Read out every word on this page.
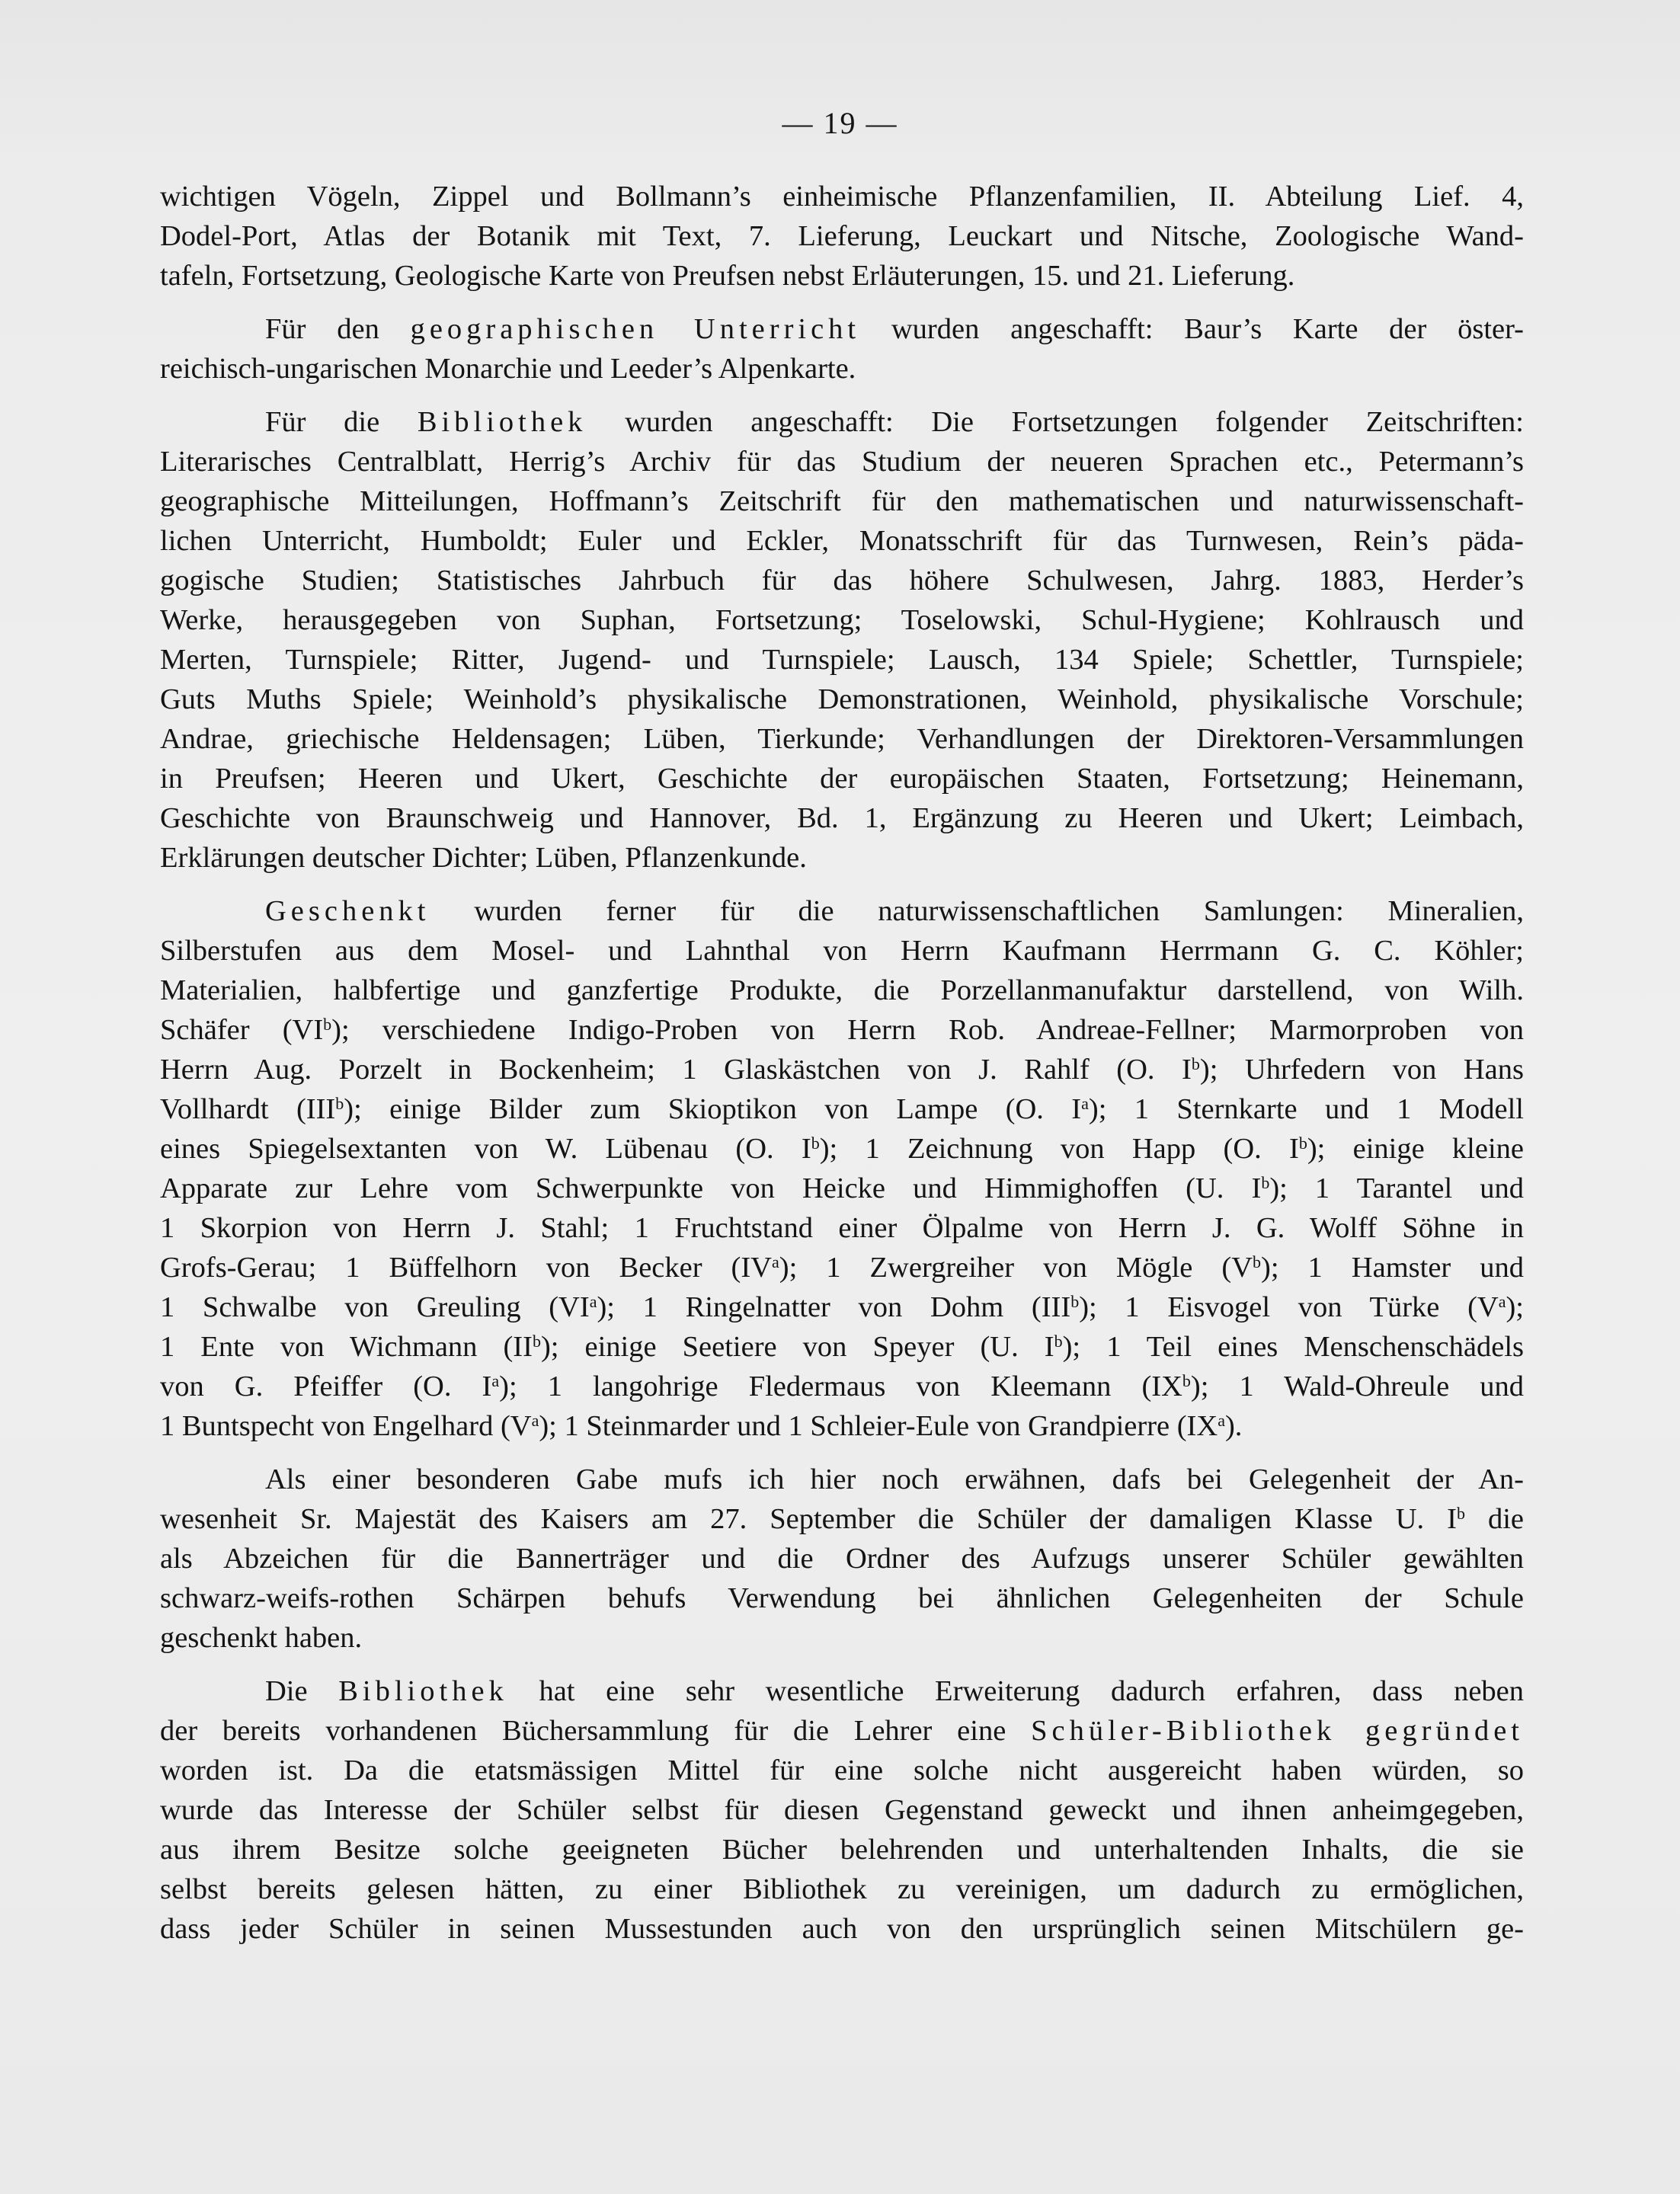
— 19 —
wichtigen Vögeln, Zippel und Bollmann’s einheimische Pflanzenfamilien, II. Abteilung Lief. 4,
Dodel-Port, Atlas der Botanik mit Text, 7. Lieferung, Leuckart und Nitsche, Zoologische Wand-
tafeln, Fortsetzung, Geologische Karte von Preufsen nebst Erläuterungen, 15. und 21. Lieferung.
Für den geographischen Unterricht wurden angeschafft: Baur’s Karte der öster-
reichisch-ungarischen Monarchie und Leeder’s Alpenkarte.
Für die Bibliothek wurden angeschafft: Die Fortsetzungen folgender Zeitschriften:
Literarisches Centralblatt, Herrig’s Archiv für das Studium der neueren Sprachen etc., Petermann’s
geographische Mitteilungen, Hoffmann’s Zeitschrift für den mathematischen und naturwissenschaft-
lichen Unterricht, Humboldt; Euler und Eckler, Monatsschrift für das Turnwesen, Rein’s päda-
gogische Studien; Statistisches Jahrbuch für das höhere Schulwesen, Jahrg. 1883, Herder’s
Werke, herausgegeben von Suphan, Fortsetzung; Toselowski, Schul-Hygiene; Kohlrausch und
Merten, Turnspiele; Ritter, Jugend- und Turnspiele; Lausch, 134 Spiele; Schettler, Turnspiele;
Guts Muths Spiele; Weinhold’s physikalische Demonstrationen, Weinhold, physikalische Vorschule;
Andrae, griechische Heldensagen; Lüben, Tierkunde; Verhandlungen der Direktoren-Versammlungen
in Preufsen; Heeren und Ukert, Geschichte der europäischen Staaten, Fortsetzung; Heinemann,
Geschichte von Braunschweig und Hannover, Bd. 1, Ergänzung zu Heeren und Ukert; Leimbach,
Erklärungen deutscher Dichter; Lüben, Pflanzenkunde.
Geschenkt wurden ferner für die naturwissenschaftlichen Samlungen: Mineralien,
Silberstufen aus dem Mosel- und Lahnthal von Herrn Kaufmann Herrmann G. C. Köhler;
Materialien, halbfertige und ganzfertige Produkte, die Porzellanmanufaktur darstellend, von Wilh.
Schäfer $(VI^b)$; verschiedene Indigo-Proben von Herrn Rob. Andreae-Fellner; Marmorproben von
Herrn Aug. Porzelt in Bockenheim; 1 Glaskästchen von J. Rahlf (O. $I^b$); Uhrfedern von Hans
Vollhardt (III$^b$); einige Bilder zum Skioptikon von Lampe (O. $I^a$); 1 Sternkarte und 1 Modell
eines Spiegelsextanten von W. Lübenau (O. $I^b$); 1 Zeichnung von Happ (O. $I^b$); einige kleine
Apparate zur Lehre vom Schwerpunkte von Heicke und Himmighoffen (U. $I^b$); 1 Tarantel und
1 Skorpion von Herrn J. Stahl; 1 Fruchtstand einer Ölpalme von Herrn J. G. Wolff Söhne in
Grofs-Gerau; 1 Büffelhorn von Becker $(IV^a)$; 1 Zwergreiher von Mögle $(V^b)$; 1 Hamster und
1 Schwalbe von Greuling $(VI^a)$; 1 Ringelnatter von Dohm (III$^b$); 1 Eisvogel von Türke $(V^a)$;
1 Ente von Wichmann $(II^b)$; einige Seetiere von Speyer (U. $I^b$); 1 Teil eines Menschenschädels
von G. Pfeiffer (O. $I^a$); 1 langohrige Fledermaus von Kleemann $(IX^b)$; 1 Wald-Ohreule und
1 Buntspecht von Engelhard $(V^a)$; 1 Steinmarder und 1 Schleier-Eule von Grandpierre $(IX^a)$.
Als einer besonderen Gabe mufs ich hier noch erwähnen, dafs bei Gelegenheit der An-
wesenheit Sr. Majestät des Kaisers am 27. September die Schüler der damaligen Klasse U. $I^b$ die
als Abzeichen für die Bannerträger und die Ordner des Aufzugs unserer Schüler gewählten
schwarz-weifs-rothen Schärpen behufs Verwendung bei ähnlichen Gelegenheiten der Schule
geschenkt haben.
Die Bibliothek hat eine sehr wesentliche Erweiterung dadurch erfahren, dass neben
der bereits vorhandenen Büchersammlung für die Lehrer eine Schüler-Bibliothek gegründet
worden ist. Da die etatsmässigen Mittel für eine solche nicht ausgereicht haben würden, so
wurde das Interesse der Schüler selbst für diesen Gegenstand geweckt und ihnen anheimgegeben,
aus ihrem Besitze solche geeigneten Bücher belehrenden und unterhaltenden Inhalts, die sie
selbst bereits gelesen hätten, zu einer Bibliothek zu vereinigen, um dadurch zu ermöglichen,
dass jeder Schüler in seinen Mussestunden auch von den ursprünglich seinen Mitschülern ge-
